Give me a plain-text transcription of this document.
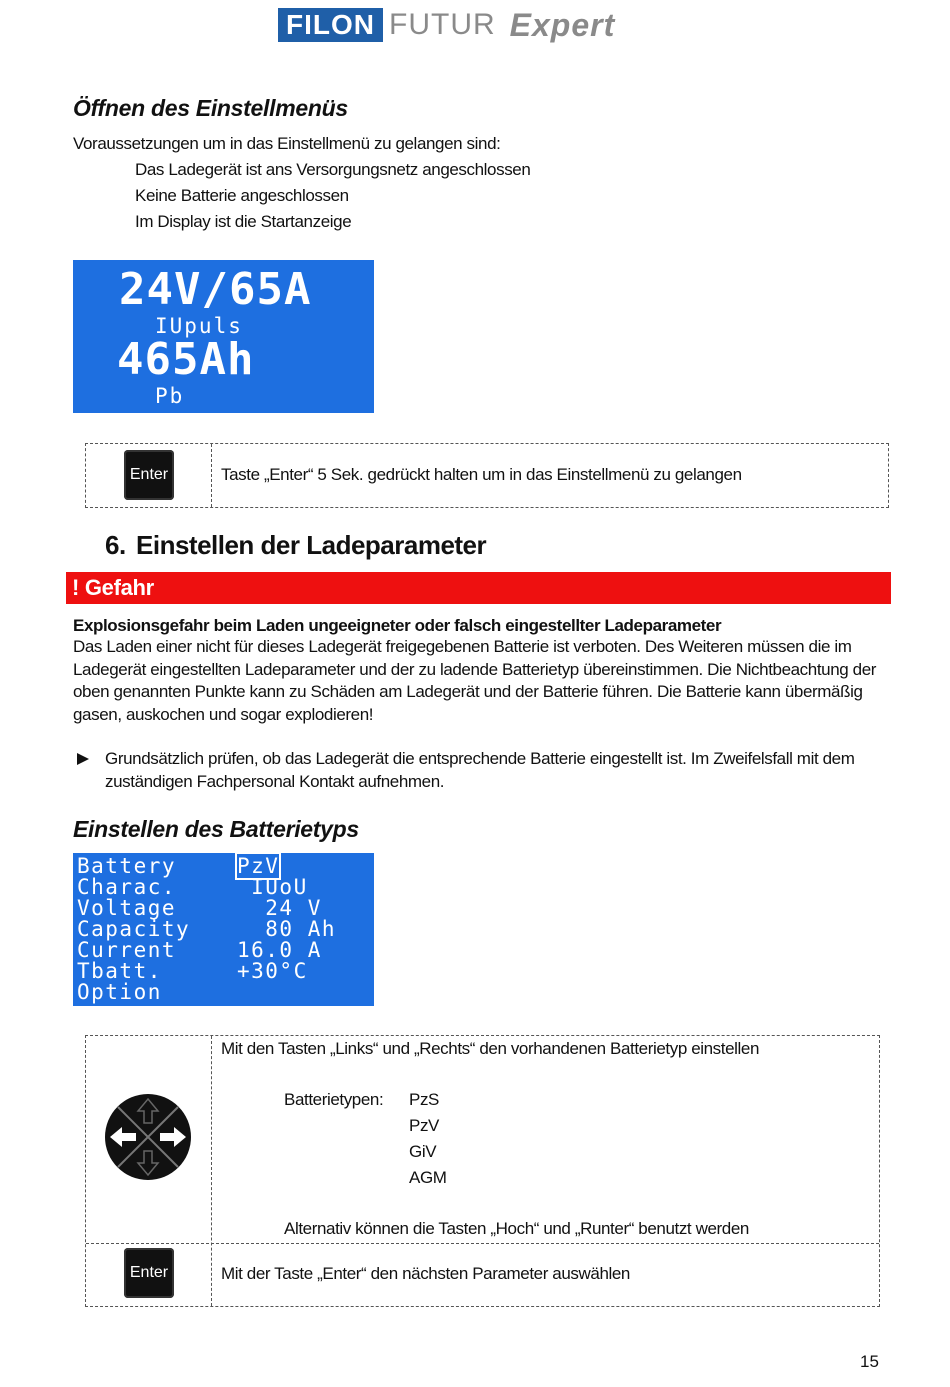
FILON FUTUR Expert
Öffnen des Einstellmenüs
Voraussetzungen um in das Einstellmenü zu gelangen sind:
Das Ladegerät ist ans Versorgungsnetz angeschlossen
Keine Batterie angeschlossen
Im Display ist die Startanzeige
24V/65A
IUpuls
465Ah
Pb
Enter	Taste „Enter“ 5 Sek. gedrückt halten um in das Einstellmenü zu gelangen
6. Einstellen der Ladeparameter
! Gefahr
Explosionsgefahr beim Laden ungeeigneter oder falsch eingestellter Ladeparameter
Das Laden einer nicht für dieses Ladegerät freigegebenen Batterie ist verboten. Des Weiteren müssen die im
Ladegerät eingestellten Ladeparameter und der zu ladende Batterietyp übereinstimmen. Die Nichtbeachtung der
oben genannten Punkte kann zu Schäden am Ladegerät und der Batterie führen. Die Batterie kann übermäßig
gasen, auskochen und sogar explodieren!
Grundsätzlich prüfen, ob das Ladegerät die entsprechende Batterie eingestellt ist. Im Zweifelsfall mit dem
zuständigen Fachpersonal Kontakt aufnehmen.
Einstellen des Batterietyps
Battery	PzV
Charac.	IUoU
Voltage	24 V
Capacity  80 Ah
Current	16.0 A
Tbatt.	+30°C
Option
Mit den Tasten „Links“ und „Rechts“ den vorhandenen Batterietyp einstellen
Batterietypen: PzS
PzV
GiV
AGM
Alternativ können die Tasten „Hoch“ und „Runter“ benutzt werden
Enter	Mit der Taste „Enter“ den nächsten Parameter auswählen
15
